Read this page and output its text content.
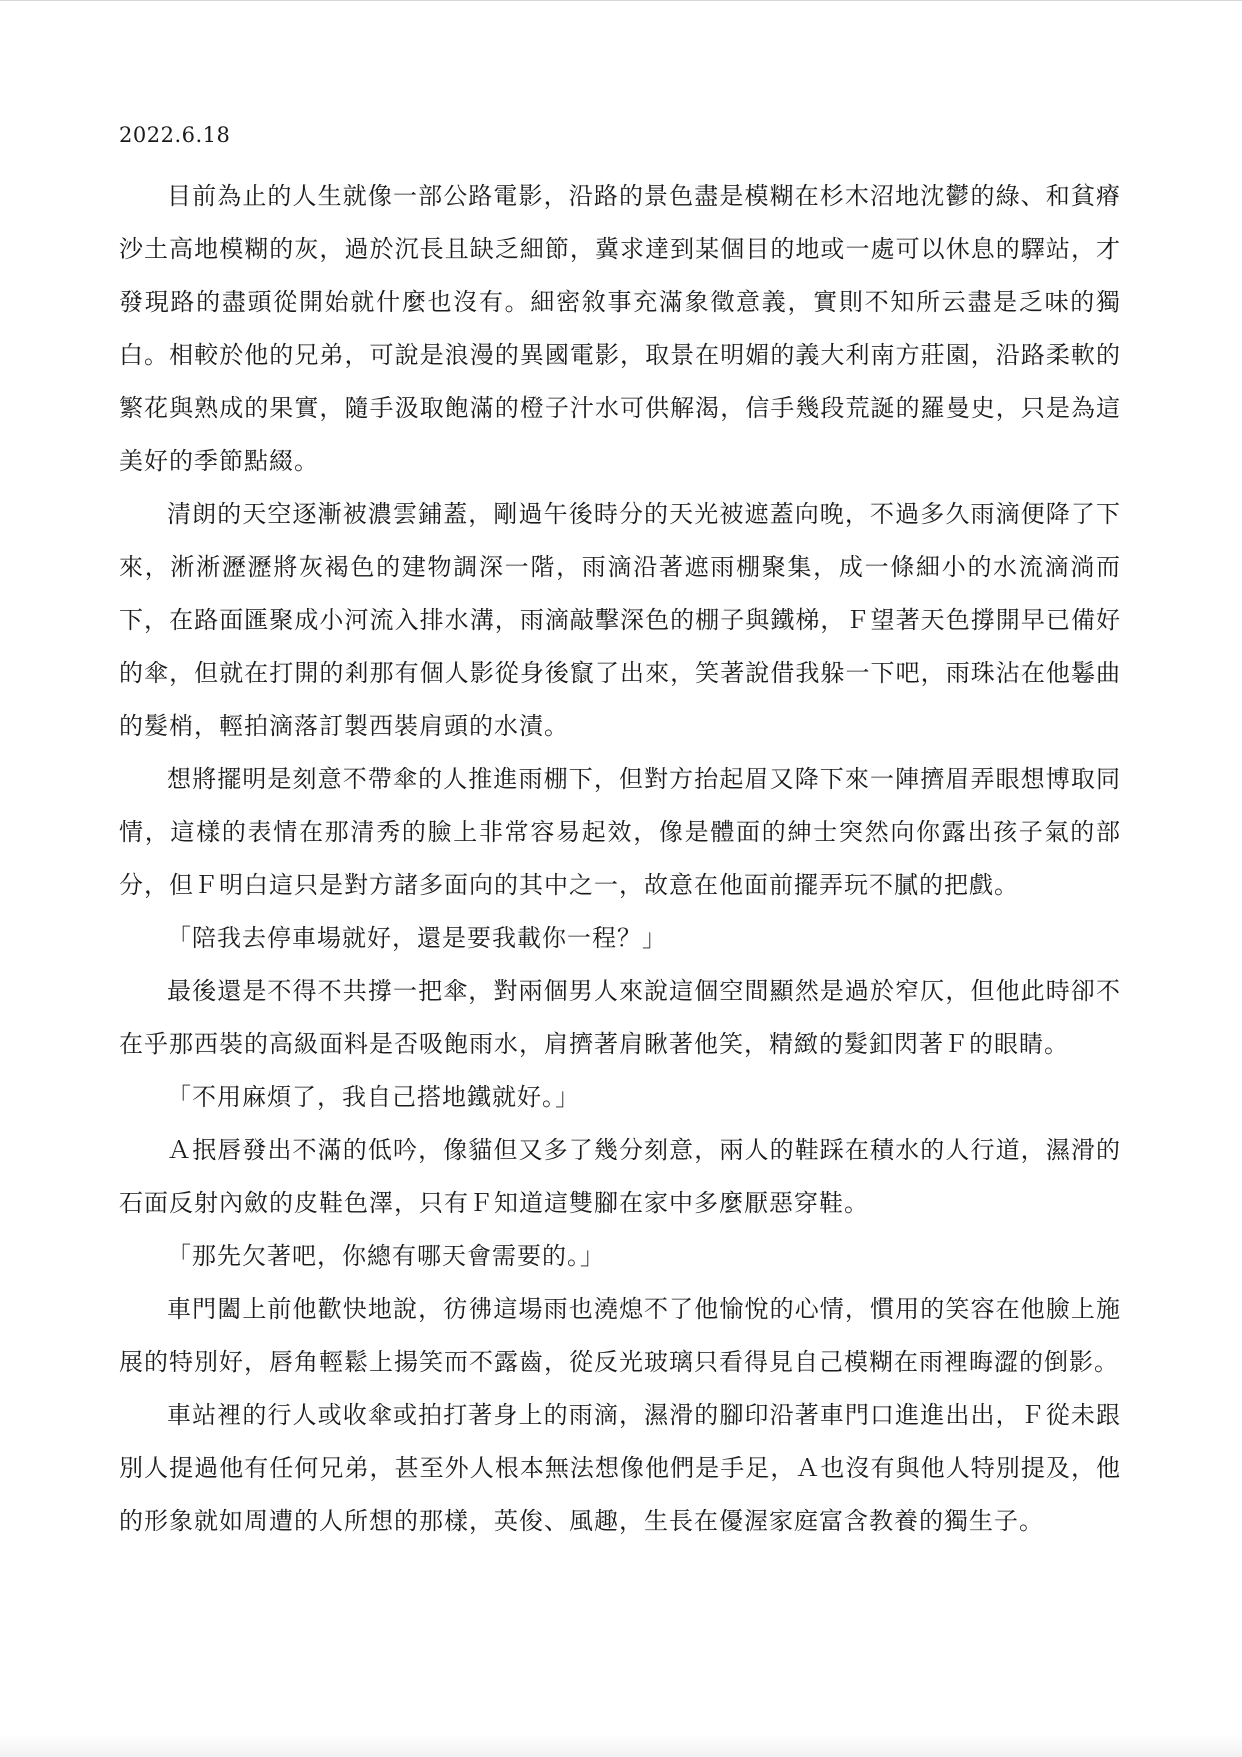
2022.6.18

目前為止的人生就像一部公路電影，沿路的景色盡是模糊在杉木沼地沈鬱的綠、和貧瘠沙土高地模糊的灰，過於沉長且缺乏細節，冀求達到某個目的地或一處可以休息的驛站，才發現路的盡頭從開始就什麼也沒有。細密敘事充滿象徵意義，實則不知所云盡是乏味的獨白。相較於他的兄弟，可說是浪漫的異國電影，取景在明媚的義大利南方莊園，沿路柔軟的繁花與熟成的果實，隨手汲取飽滿的橙子汁水可供解渴，信手幾段荒誕的羅曼史，只是為這美好的季節點綴。

清朗的天空逐漸被濃雲鋪蓋，剛過午後時分的天光被遮蓋向晚，不過多久雨滴便降了下來，淅淅瀝瀝將灰褐色的建物調深一階，雨滴沿著遮雨棚聚集，成一條細小的水流滴淌而下，在路面匯聚成小河流入排水溝，雨滴敲擊深色的棚子與鐵梯，Ｆ望著天色撐開早已備好的傘，但就在打開的剎那有個人影從身後竄了出來，笑著說借我躲一下吧，雨珠沾在他鬈曲的髮梢，輕拍滴落訂製西裝肩頭的水漬。

想將擺明是刻意不帶傘的人推進雨棚下，但對方抬起眉又降下來一陣擠眉弄眼想博取同情，這樣的表情在那清秀的臉上非常容易起效，像是體面的紳士突然向你露出孩子氣的部分，但Ｆ明白這只是對方諸多面向的其中之一，故意在他面前擺弄玩不膩的把戲。

「陪我去停車場就好，還是要我載你一程？」

最後還是不得不共撐一把傘，對兩個男人來說這個空間顯然是過於窄仄，但他此時卻不在乎那西裝的高級面料是否吸飽雨水，肩擠著肩瞅著他笑，精緻的髮釦閃著Ｆ的眼睛。

「不用麻煩了，我自己搭地鐵就好。」

Ａ抿唇發出不滿的低吟，像貓但又多了幾分刻意，兩人的鞋踩在積水的人行道，濕滑的石面反射內斂的皮鞋色澤，只有Ｆ知道這雙腳在家中多麼厭惡穿鞋。

「那先欠著吧，你總有哪天會需要的。」

車門闔上前他歡快地說，彷彿這場雨也澆熄不了他愉悅的心情，慣用的笑容在他臉上施展的特別好，唇角輕鬆上揚笑而不露齒，從反光玻璃只看得見自己模糊在雨裡晦澀的倒影。

車站裡的行人或收傘或拍打著身上的雨滴，濕滑的腳印沿著車門口進進出出，Ｆ從未跟別人提過他有任何兄弟，甚至外人根本無法想像他們是手足，Ａ也沒有與他人特別提及，他的形象就如周遭的人所想的那樣，英俊、風趣，生長在優渥家庭富含教養的獨生子。
